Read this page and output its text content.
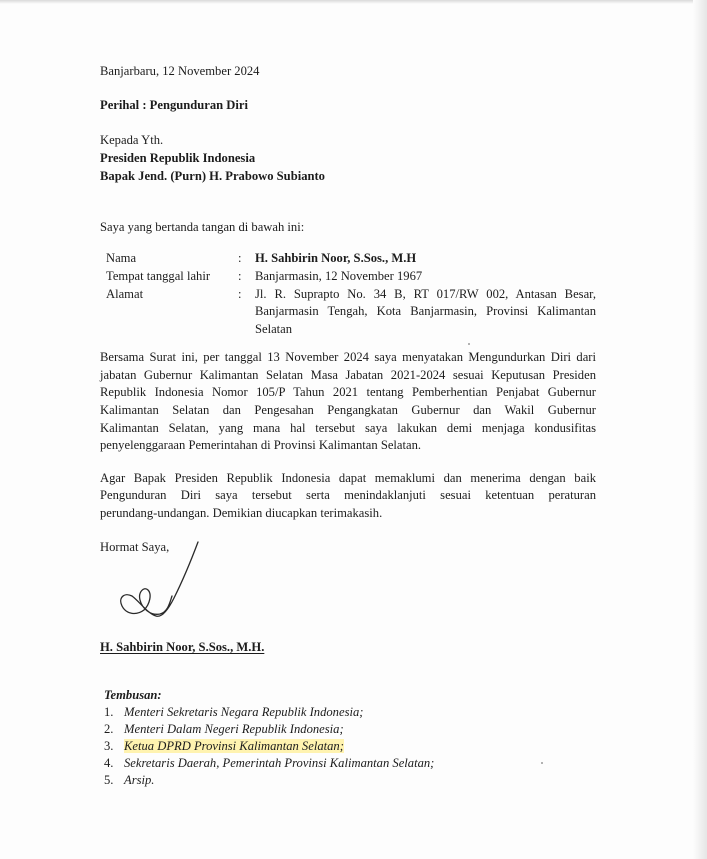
Banjarbaru, 12 November 2024
Perihal : Pengunduran Diri
Kepada Yth.
Presiden Republik Indonesia
Bapak Jend. (Purn) H. Prabowo Subianto
Saya yang bertanda tangan di bawah ini:
Nama	: H. Sahbirin Noor, S.Sos., M.H
Tempat tanggal lahir : Banjarmasin, 12 November 1967
Alamat	: Jl. R. Suprapto No. 34 B, RT 017/RW 002, Antasan Besar,
Banjarmasin Tengah, Kota Banjarmasin, Provinsi Kalimantan
Selatan
Bersama Surat ini, per tanggal 13 November 2024 saya menyatakan Mengundurkan Diri dari
jabatan Gubernur Kalimantan Selatan Masa Jabatan 2021-2024 sesuai Keputusan Presiden
Republik Indonesia Nomor 105/P Tahun 2021 tentang Pemberhentian Penjabat Gubernur
Kalimantan Selatan dan Pengesahan Pengangkatan Gubernur dan Wakil Gubernur
Kalimantan Selatan, yang mana hal tersebut saya lakukan demi menjaga kondusifitas
penyelenggaraan Pemerintahan di Provinsi Kalimantan Selatan.
Agar Bapak Presiden Republik Indonesia dapat memaklumi dan menerima dengan baik
Pengunduran Diri saya tersebut serta menindaklanjuti sesuai ketentuan peraturan
perundang-undangan. Demikian diucapkan terimakasih.
Hormat Saya,
H. Sahbirin Noor, S.Sos., M.H.
Tembusan:
1. Menteri Sekretaris Negara Republik Indonesia;
2. Menteri Dalam Negeri Republik Indonesia;
3. Ketua DPRD Provinsi Kalimantan Selatan;
4. Sekretaris Daerah, Pemerintah Provinsi Kalimantan Selatan;
5. Arsip.
